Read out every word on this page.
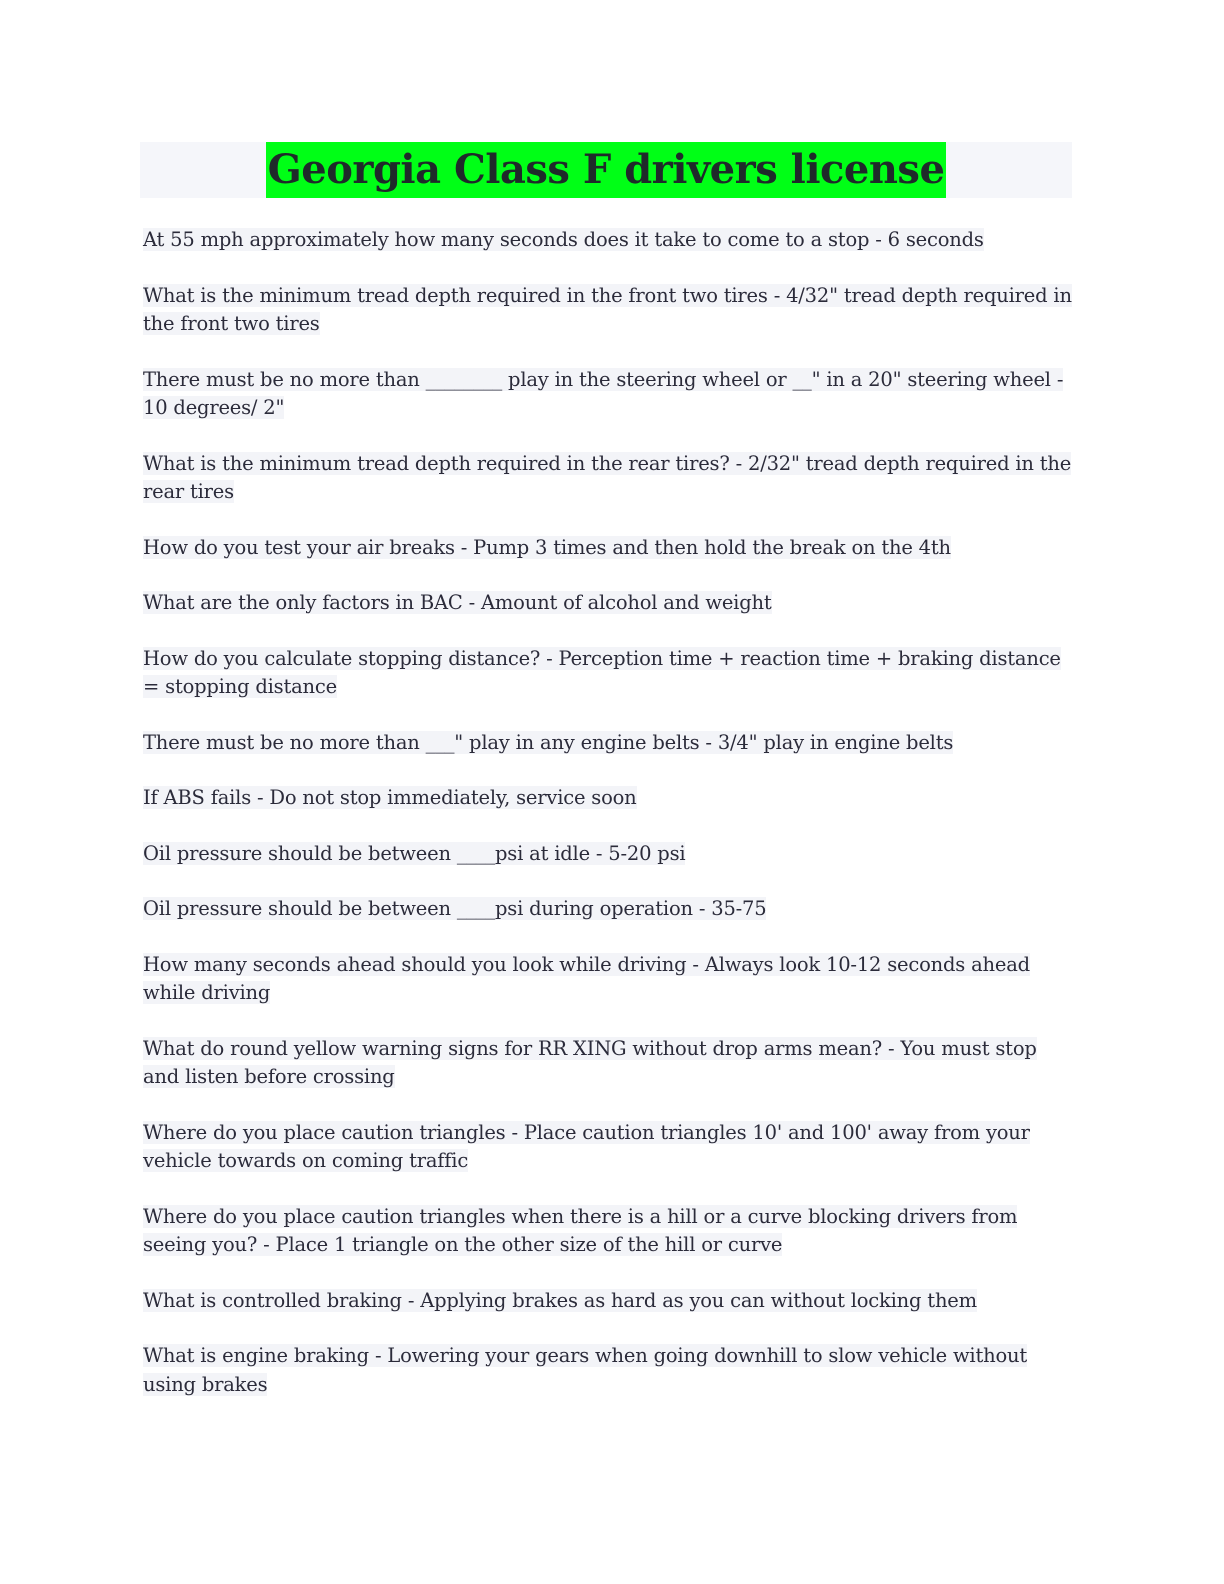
Georgia Class F drivers license

At 55 mph approximately how many seconds does it take to come to a stop - 6 seconds

What is the minimum tread depth required in the front two tires - 4/32" tread depth required in the front two tires

There must be no more than ________ play in the steering wheel or __" in a 20" steering wheel - 10 degrees/ 2"

What is the minimum tread depth required in the rear tires? - 2/32" tread depth required in the rear tires

How do you test your air breaks - Pump 3 times and then hold the break on the 4th

What are the only factors in BAC - Amount of alcohol and weight

How do you calculate stopping distance? - Perception time + reaction time + braking distance = stopping distance

There must be no more than ___" play in any engine belts - 3/4" play in engine belts

If ABS fails - Do not stop immediately, service soon

Oil pressure should be between ____psi at idle - 5-20 psi

Oil pressure should be between ____psi during operation - 35-75

How many seconds ahead should you look while driving - Always look 10-12 seconds ahead while driving

What do round yellow warning signs for RR XING without drop arms mean? - You must stop and listen before crossing

Where do you place caution triangles - Place caution triangles 10' and 100' away from your vehicle towards on coming traffic

Where do you place caution triangles when there is a hill or a curve blocking drivers from seeing you? - Place 1 triangle on the other size of the hill or curve

What is controlled braking - Applying brakes as hard as you can without locking them

What is engine braking - Lowering your gears when going downhill to slow vehicle without using brakes
